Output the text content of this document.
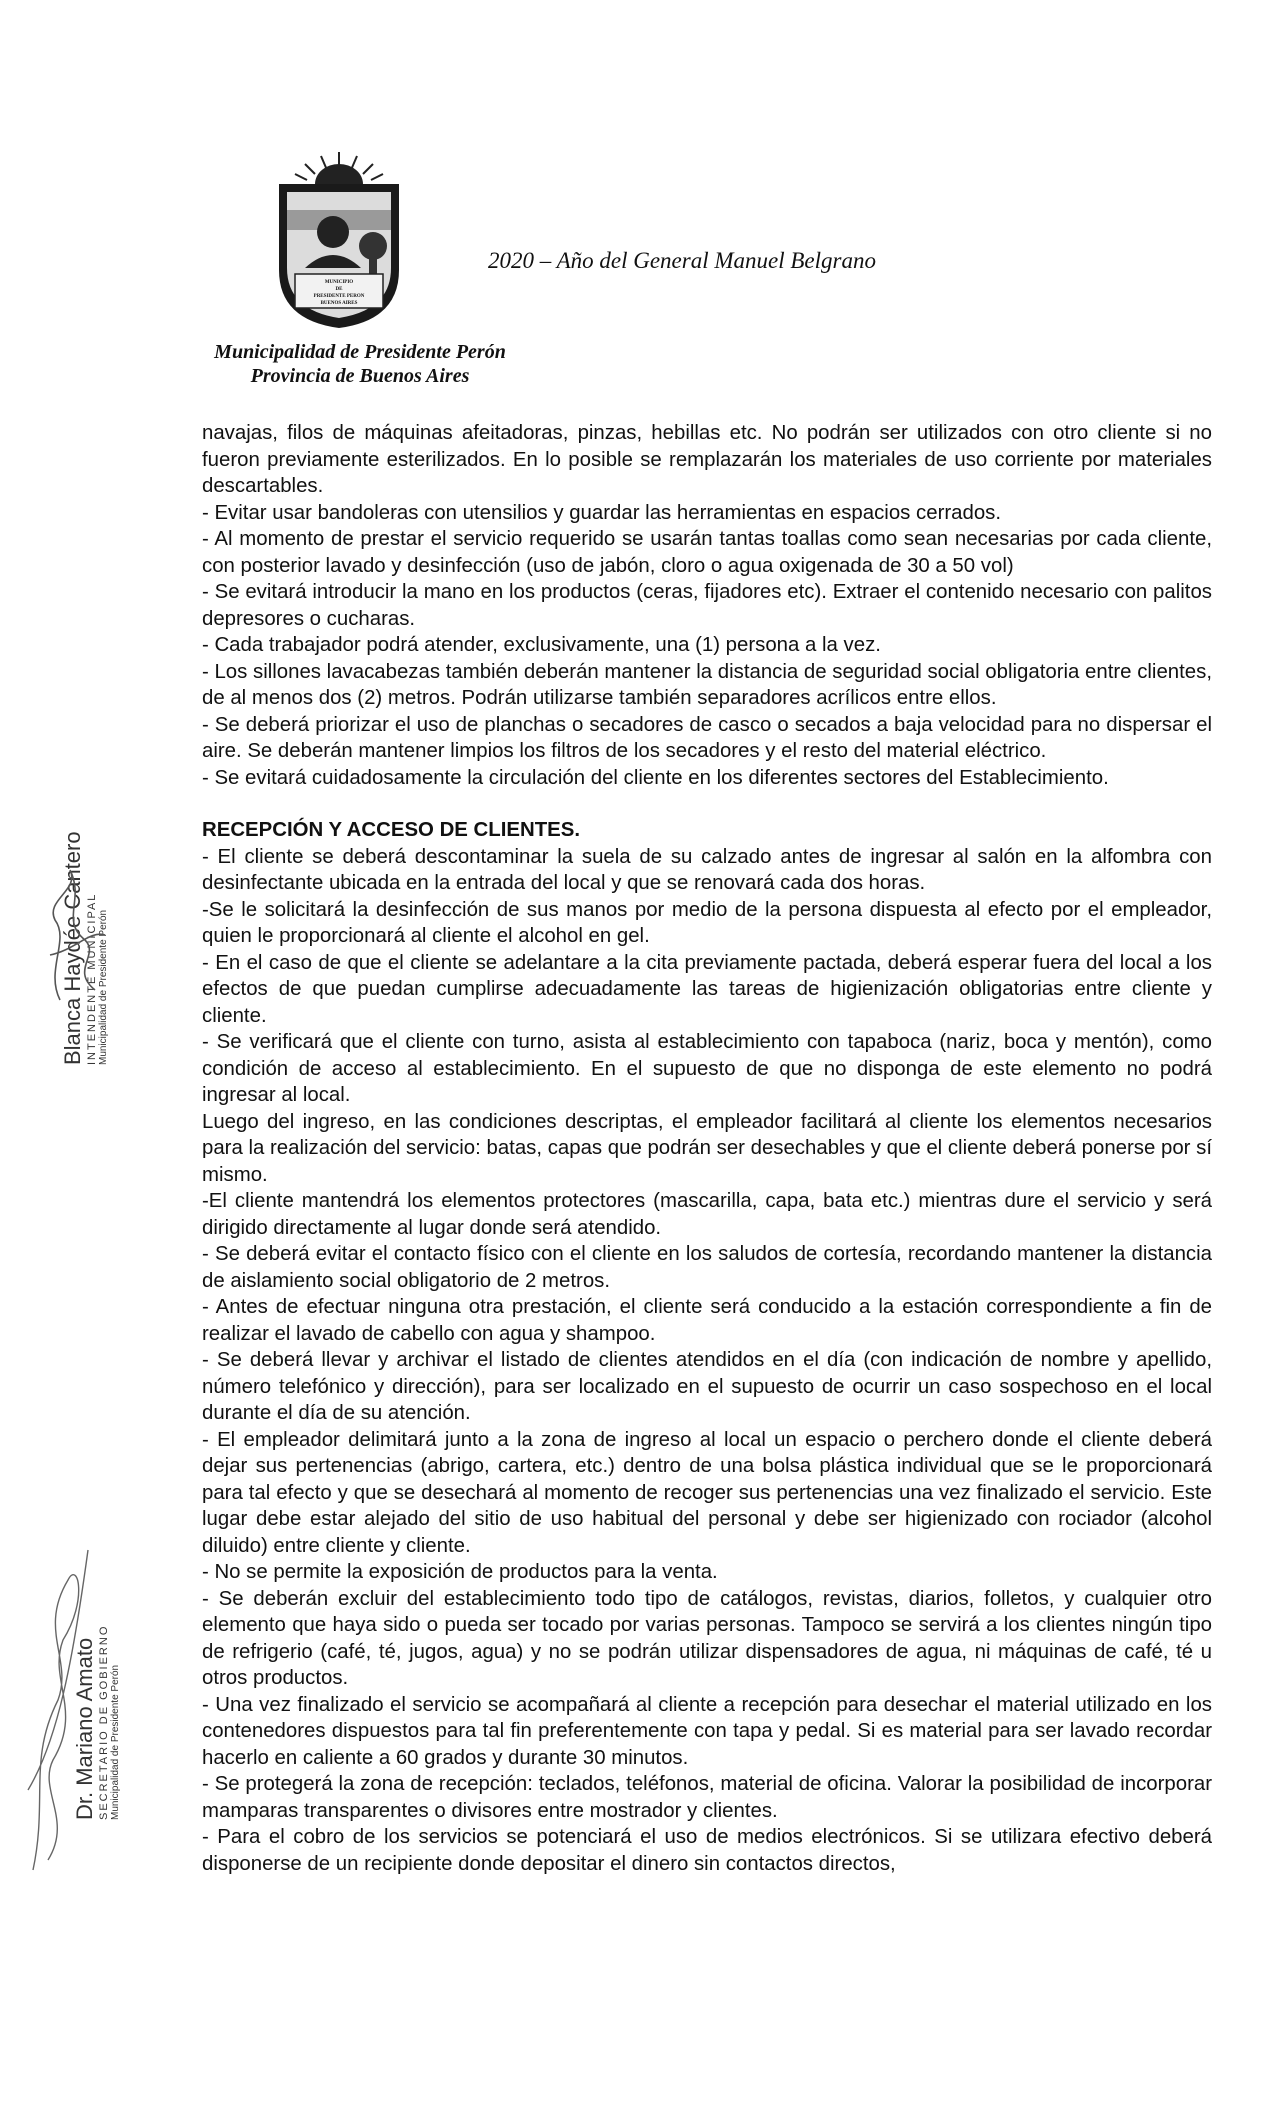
MUNICIPIO
DE
PRESIDENTE PERON
BUENOS AIRES
2020 – Año del General Manuel Belgrano
Municipalidad de Presidente Perón
Provincia de Buenos Aires

navajas, filos de máquinas afeitadoras, pinzas, hebillas etc. No podrán ser utilizados con otro cliente si no fueron previamente esterilizados. En lo posible se remplazarán los materiales de uso corriente por materiales descartables.

- Evitar usar bandoleras con utensilios y guardar las herramientas en espacios cerrados.

- Al momento de prestar el servicio requerido se usarán tantas toallas como sean necesarias por cada cliente, con posterior lavado y desinfección (uso de jabón, cloro o agua oxigenada de 30 a 50 vol)

- Se evitará introducir la mano en los productos (ceras, fijadores etc). Extraer el contenido necesario con palitos depresores o cucharas.

- Cada trabajador podrá atender, exclusivamente, una (1) persona a la vez.

- Los sillones lavacabezas también deberán mantener la distancia de seguridad social obligatoria entre clientes, de al menos dos (2) metros. Podrán utilizarse también separadores acrílicos entre ellos.

- Se deberá priorizar el uso de planchas o secadores de casco o secados a baja velocidad para no dispersar el aire. Se deberán mantener limpios los filtros de los secadores y el resto del material eléctrico.

- Se evitará cuidadosamente la circulación del cliente en los diferentes sectores del Establecimiento.

RECEPCIÓN Y ACCESO DE CLIENTES.

- El cliente se deberá descontaminar la suela de su calzado antes de ingresar al salón en la alfombra con desinfectante ubicada en la entrada del local y que se renovará cada dos horas.

-Se le solicitará la desinfección de sus manos por medio de la persona dispuesta al efecto por el empleador, quien le proporcionará al cliente el alcohol en gel.

- En el caso de que el cliente se adelantare a la cita previamente pactada, deberá esperar fuera del local a los efectos de que puedan cumplirse adecuadamente las tareas de higienización obligatorias entre cliente y cliente.

- Se verificará que el cliente con turno, asista al establecimiento con tapaboca (nariz, boca y mentón), como condición de acceso al establecimiento. En el supuesto de que no disponga de este elemento no podrá ingresar al local.

Luego del ingreso, en las condiciones descriptas, el empleador facilitará al cliente los elementos necesarios para la realización del servicio: batas, capas que podrán ser desechables y que el cliente deberá ponerse por sí mismo.

-El cliente mantendrá los elementos protectores (mascarilla, capa, bata etc.) mientras dure el servicio y será dirigido directamente al lugar donde será atendido.

- Se deberá evitar el contacto físico con el cliente en los saludos de cortesía, recordando mantener la distancia de aislamiento social obligatorio de 2 metros.

- Antes de efectuar ninguna otra prestación, el cliente será conducido a la estación correspondiente a fin de realizar el lavado de cabello con agua y shampoo.

- Se deberá llevar y archivar el listado de clientes atendidos en el día (con indicación de nombre y apellido, número telefónico y dirección), para ser localizado en el supuesto de ocurrir un caso sospechoso en el local durante el día de su atención.

- El empleador delimitará junto a la zona de ingreso al local un espacio o perchero donde el cliente deberá dejar sus pertenencias (abrigo, cartera, etc.) dentro de una bolsa plástica individual que se le proporcionará para tal efecto y que se desechará al momento de recoger sus pertenencias una vez finalizado el servicio. Este lugar debe estar alejado del sitio de uso habitual del personal y debe ser higienizado con rociador (alcohol diluido) entre cliente y cliente.

- No se permite la exposición de productos para la venta.

- Se deberán excluir del establecimiento todo tipo de catálogos, revistas, diarios, folletos, y cualquier otro elemento que haya sido o pueda ser tocado por varias personas. Tampoco se servirá a los clientes ningún tipo de refrigerio (café, té, jugos, agua) y no se podrán utilizar dispensadores de agua, ni máquinas de café, té u otros productos.

- Una vez finalizado el servicio se acompañará al cliente a recepción para desechar el material utilizado en los contenedores dispuestos para tal fin preferentemente con tapa y pedal. Si es material para ser lavado recordar hacerlo en caliente a 60 grados y durante 30 minutos.

- Se protegerá la zona de recepción: teclados, teléfonos, material de oficina. Valorar la posibilidad de incorporar mamparas transparentes o divisores entre mostrador y clientes.

- Para el cobro de los servicios se potenciará el uso de medios electrónicos. Si se utilizara efectivo deberá disponerse de un recipiente donde depositar el dinero sin contactos directos,

Blanca Haydée Cantero INTENDENTE MUNICIPAL Municipalidad de Presidente Perón
Dr. Mariano Amato SECRETARIO DE GOBIERNO Municipalidad de Presidente Perón
